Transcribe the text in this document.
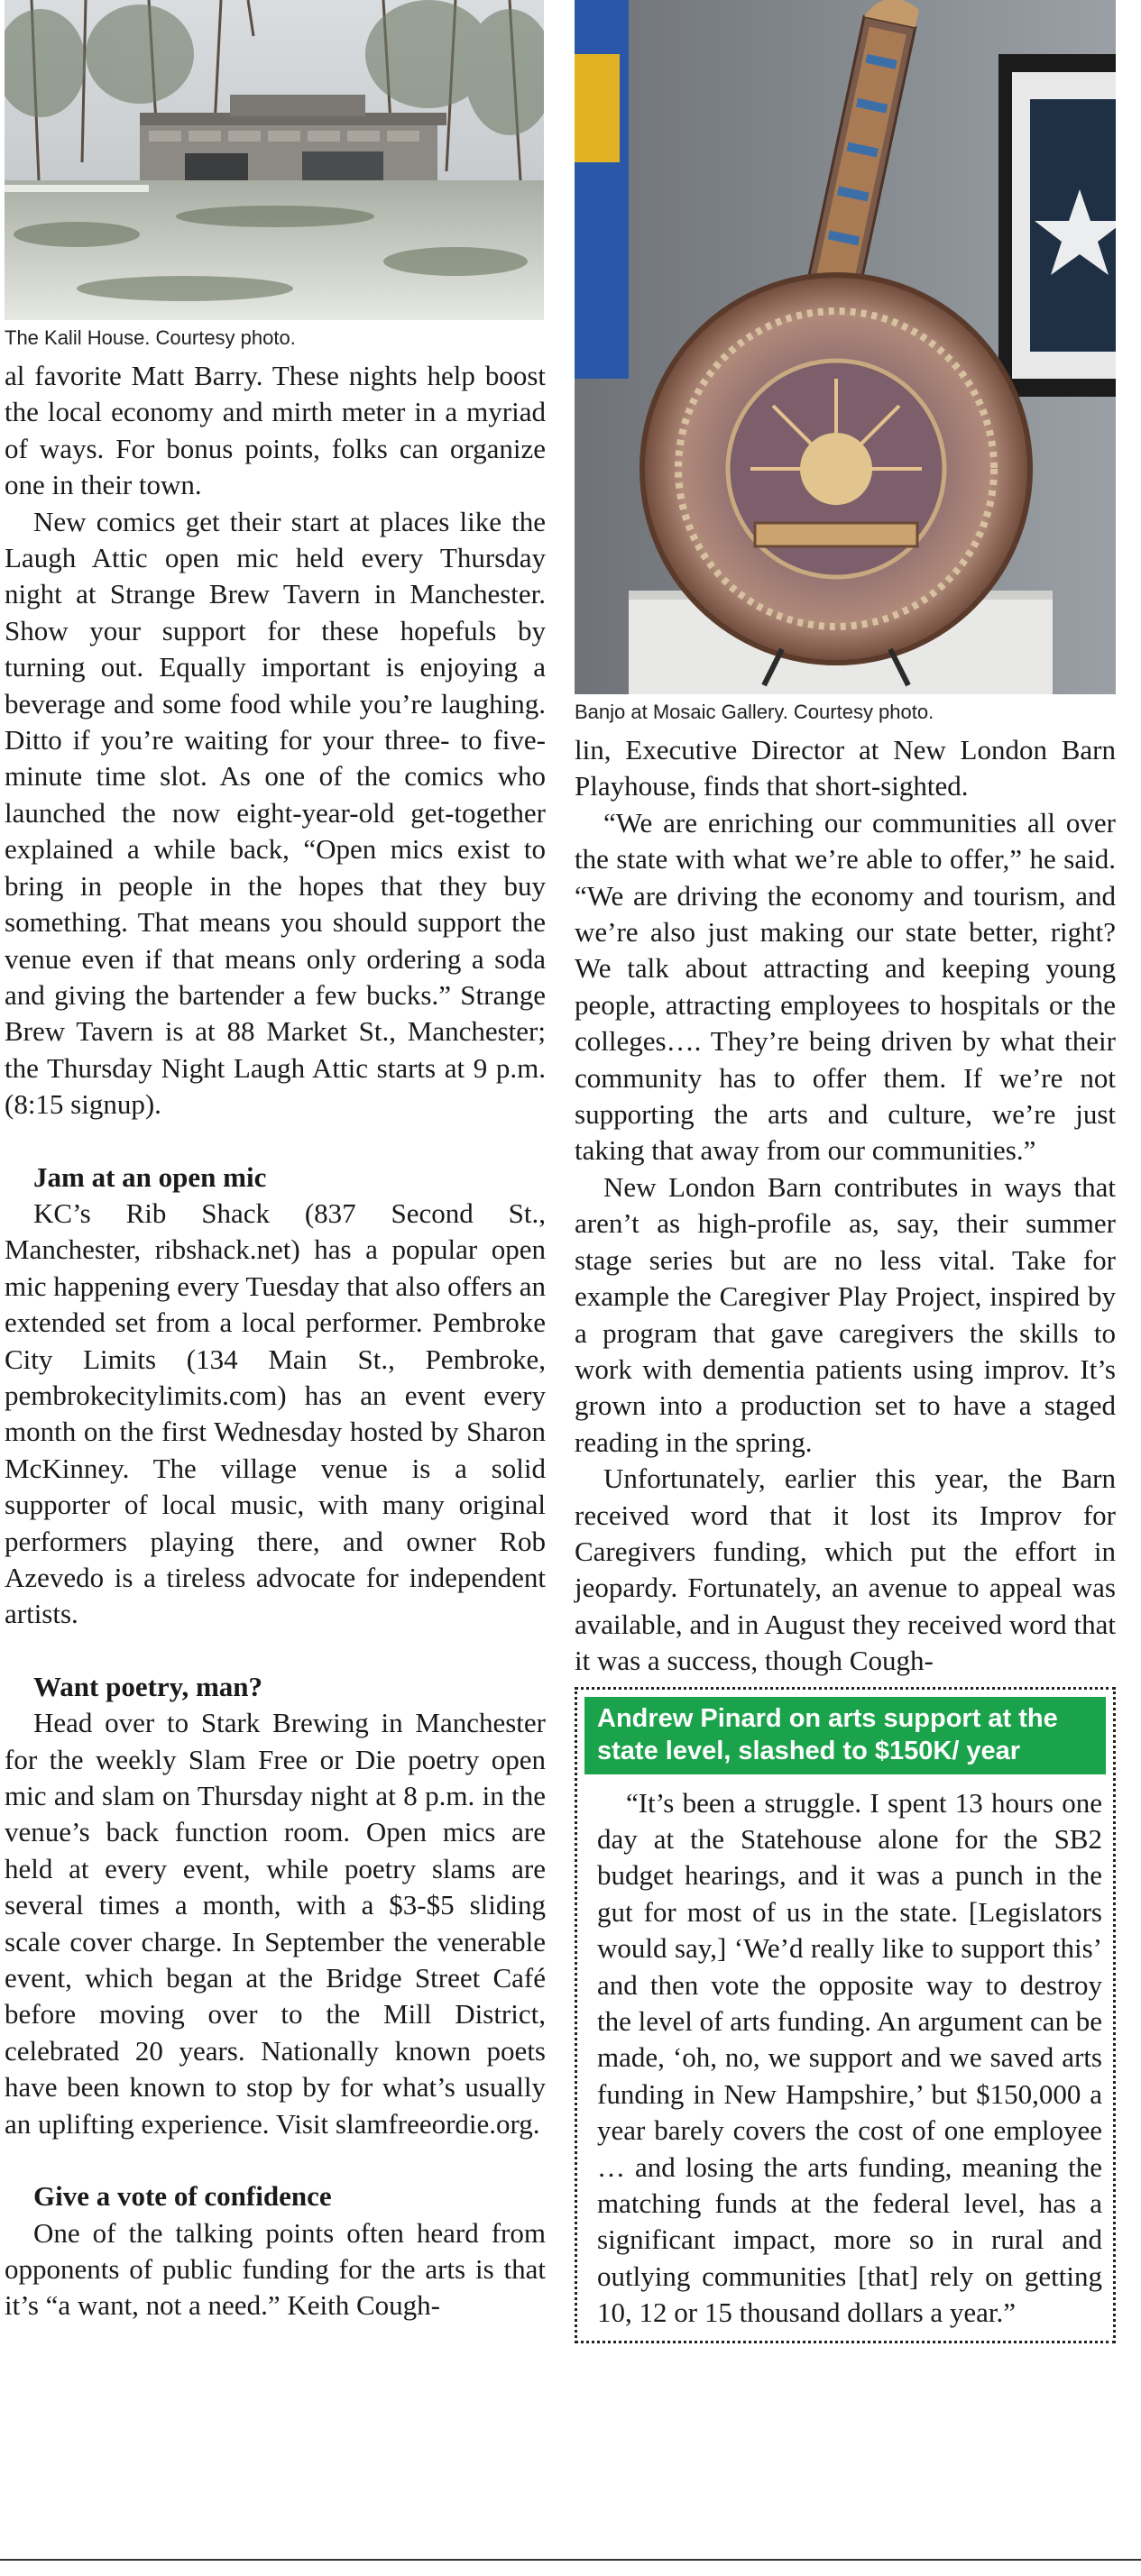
The Kalil House. Courtesy photo.

al favorite Matt Barry. These nights help boost the local economy and mirth meter in a myriad of ways. For bonus points, folks can organize one in their town.

New comics get their start at places like the Laugh Attic open mic held every Thursday night at Strange Brew Tavern in Manchester. Show your support for these hopefuls by turning out. Equally important is enjoying a beverage and some food while you’re laughing. Ditto if you’re waiting for your three- to five- minute time slot. As one of the comics who launched the now eight-year-old get-together explained a while back, “Open mics exist to bring in people in the hopes that they buy something. That means you should support the venue even if that means only ordering a soda and giving the bartender a few bucks.” Strange Brew Tavern is at 88 Market St., Manchester; the Thursday Night Laugh Attic starts at 9 p.m. (8:15 signup).

Jam at an open mic

KC’s Rib Shack (837 Second St., Manchester, ribshack.net) has a popular open mic happening every Tuesday that also offers an extended set from a local performer. Pembroke City Limits (134 Main St., Pembroke, pembrokecitylimits.com) has an event every month on the first Wednesday hosted by Sharon McKinney. The village venue is a solid supporter of local music, with many original performers playing there, and owner Rob Azevedo is a tireless advocate for independent artists.

Want poetry, man?

Head over to Stark Brewing in Manchester for the weekly Slam Free or Die poetry open mic and slam on Thursday night at 8 p.m. in the venue’s back function room. Open mics are held at every event, while poetry slams are several times a month, with a $3-$5 sliding scale cover charge. In September the venerable event, which began at the Bridge Street Café before moving over to the Mill District, celebrated 20 years. Nationally known poets have been known to stop by for what’s usually an uplifting experience. Visit slamfreeordie.org.

Give a vote of confidence

One of the talking points often heard from opponents of public funding for the arts is that it’s “a want, not a need.” Keith Cough-

Banjo at Mosaic Gallery. Courtesy photo.

lin, Executive Director at New London Barn Playhouse, finds that short-sighted.

“We are enriching our communities all over the state with what we’re able to offer,” he said. “We are driving the economy and tourism, and we’re also just making our state better, right? We talk about attracting and keeping young people, attracting employees to hospitals or the colleges…. They’re being driven by what their community has to offer them. If we’re not supporting the arts and culture, we’re just taking that away from our communities.”

New London Barn contributes in ways that aren’t as high-profile as, say, their summer stage series but are no less vital. Take for example the Caregiver Play Project, inspired by a program that gave caregivers the skills to work with dementia patients using improv. It’s grown into a production set to have a staged reading in the spring.

Unfortunately, earlier this year, the Barn received word that it lost its Improv for Caregivers funding, which put the effort in jeopardy. Fortunately, an avenue to appeal was available, and in August they received word that it was a success, though Cough-

Andrew Pinard on arts support at the state level, slashed to $150K/ year

“It’s been a struggle. I spent 13 hours one day at the Statehouse alone for the SB2 budget hearings, and it was a punch in the gut for most of us in the state. [Legislators would say,] ‘We’d really like to support this’ and then vote the opposite way to destroy the level of arts funding. An argument can be made, ‘oh, no, we support and we saved arts funding in New Hampshire,’ but $150,000 a year barely covers the cost of one employee … and losing the arts funding, meaning the matching funds at the federal level, has a significant impact, more so in rural and outlying communities [that] rely on getting 10, 12 or 15 thousand dollars a year.”
